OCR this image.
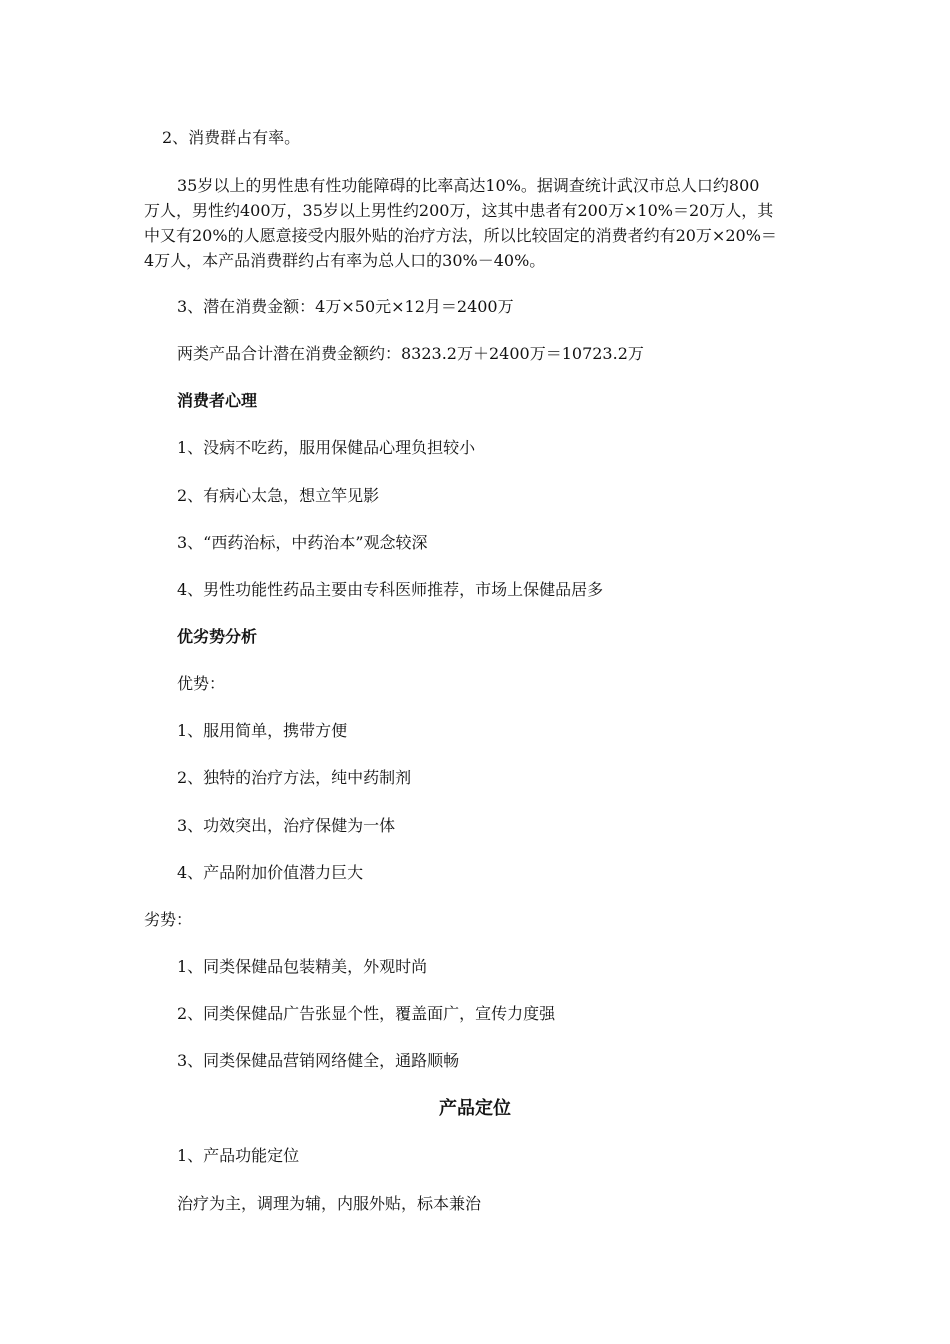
2、消费群占有率。
35岁以上的男性患有性功能障碍的比率高达10%。据调查统计武汉市总人口约800
万人，男性约400万，35岁以上男性约200万，这其中患者有200万×10%＝20万人，其
中又有20%的人愿意接受内服外贴的治疗方法，所以比较固定的消费者约有20万×20%＝
4万人，本产品消费群约占有率为总人口的30%－40%。
3、潜在消费金额：4万×50元×12月＝2400万
两类产品合计潜在消费金额约：8323.2万＋2400万＝10723.2万
消费者心理
1、没病不吃药，服用保健品心理负担较小
2、有病心太急，想立竿见影
3、“西药治标，中药治本”观念较深
4、男性功能性药品主要由专科医师推荐，市场上保健品居多
优劣势分析
优势：
1、服用简单，携带方便
2、独特的治疗方法，纯中药制剂
3、功效突出，治疗保健为一体
4、产品附加价值潜力巨大
劣势：
1、同类保健品包装精美，外观时尚
2、同类保健品广告张显个性，覆盖面广，宣传力度强
3、同类保健品营销网络健全，通路顺畅
产品定位
1、产品功能定位
治疗为主，调理为辅，内服外贴，标本兼治
